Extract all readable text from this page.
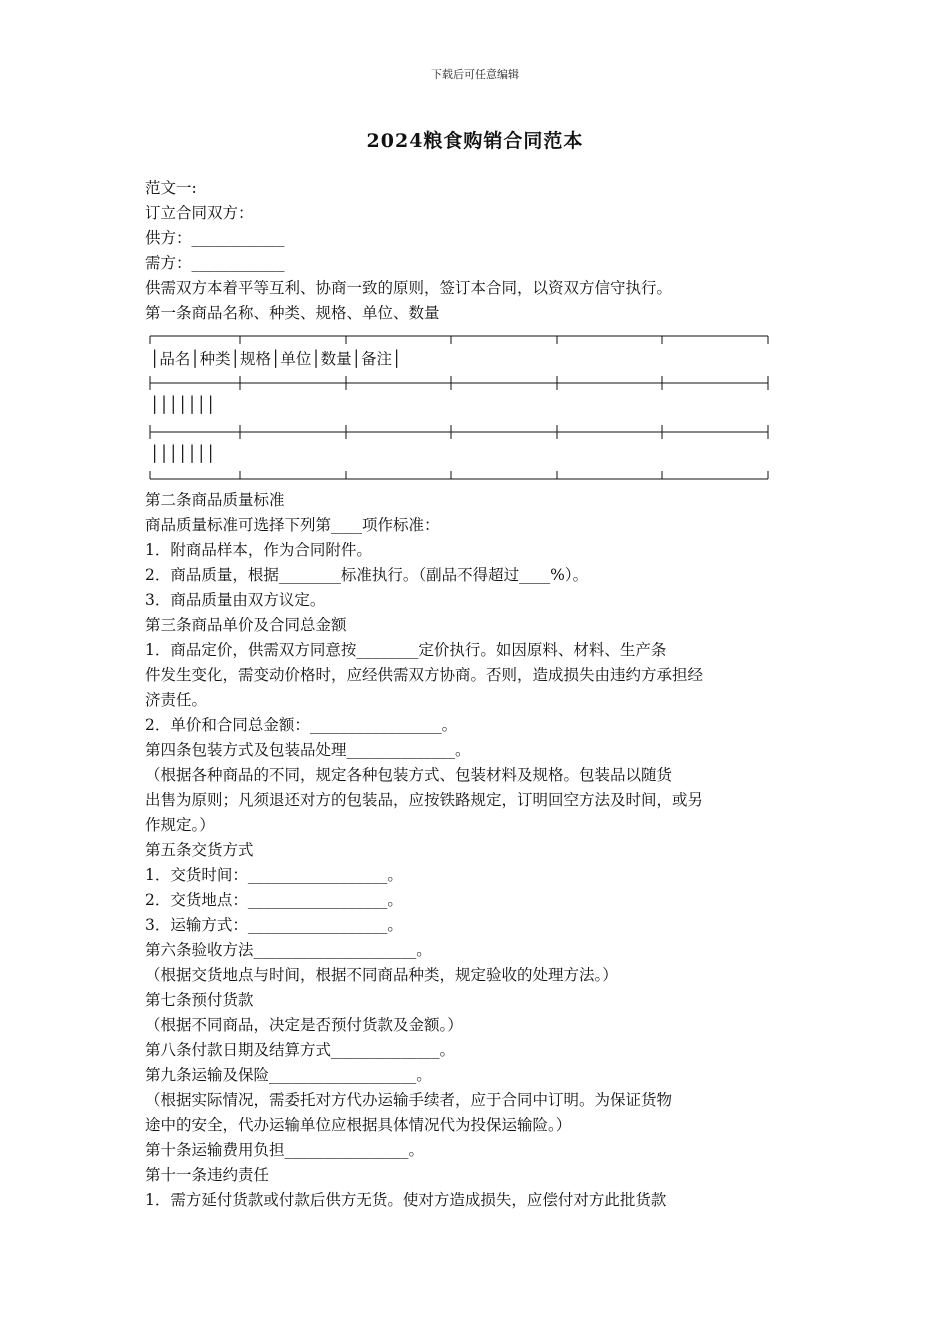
下载后可任意编辑
2024粮食购销合同范本
范文一:
订立合同双方：
供方：____________
需方：____________
供需双方本着平等互利、协商一致的原则，签订本合同，以资双方信守执行。
第一条商品名称、种类、规格、单位、数量
│品名│种类│规格│单位│数量│备注│
│││││││
│││││││
第二条商品质量标准
商品质量标准可选择下列第____项作标准：
1．附商品样本，作为合同附件。
2．商品质量，根据________标准执行。（副品不得超过____%）。
3．商品质量由双方议定。
第三条商品单价及合同总金额
1．商品定价，供需双方同意按________定价执行。如因原料、材料、生产条
件发生变化，需变动价格时，应经供需双方协商。否则，造成损失由违约方承担经
济责任。
2．单价和合同总金额：_________________。
第四条包装方式及包装品处理______________。
（根据各种商品的不同，规定各种包装方式、包装材料及规格。包装品以随货
出售为原则；凡须退还对方的包装品，应按铁路规定，订明回空方法及时间，或另
作规定。）
第五条交货方式
1．交货时间：__________________。
2．交货地点：__________________。
3．运输方式：__________________。
第六条验收方法_____________________。
（根据交货地点与时间，根据不同商品种类，规定验收的处理方法。）
第七条预付货款
（根据不同商品，决定是否预付货款及金额。）
第八条付款日期及结算方式______________。
第九条运输及保险___________________。
（根据实际情况，需委托对方代办运输手续者，应于合同中订明。为保证货物
途中的安全，代办运输单位应根据具体情况代为投保运输险。）
第十条运输费用负担________________。
第十一条违约责任
1．需方延付货款或付款后供方无货。使对方造成损失，应偿付对方此批货款
